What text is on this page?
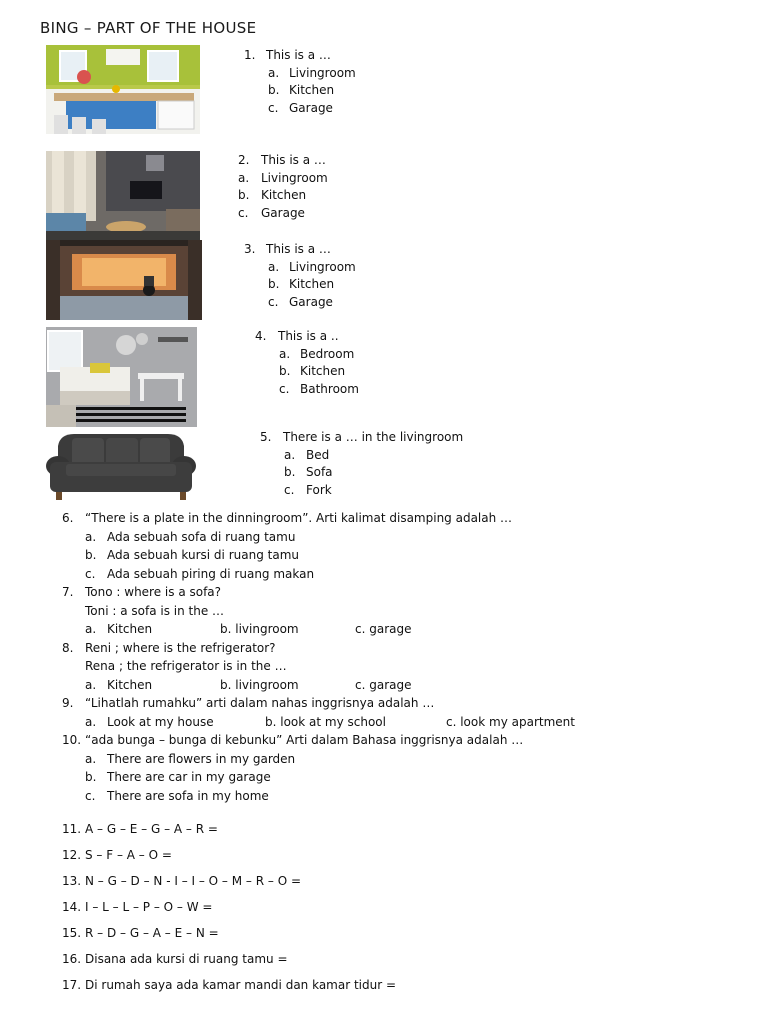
BING – PART OF THE HOUSE
1. This is a …
a. Livingroom
b. Kitchen
c. Garage
2. This is a …
a. Livingroom
b. Kitchen
c. Garage
3. This is a …
a. Livingroom
b. Kitchen
c. Garage
4. This is a ..
a. Bedroom
b. Kitchen
c. Bathroom
5. There is a … in the livingroom
a. Bed
b. Sofa
c. Fork
6. “There is a plate in the dinningroom”. Arti kalimat disamping adalah …
a. Ada sebuah sofa di ruang tamu
b. Ada sebuah kursi di ruang tamu
c. Ada sebuah piring di ruang makan
7. Tono : where is a sofa?
Toni : a sofa is in the …
a. Kitchen	b. livingroom	c. garage
8. Reni ; where is the refrigerator?
Rena ; the refrigerator is in the …
a. Kitchen	b. livingroom	c. garage
9. “Lihatlah rumahku” arti dalam nahas inggrisnya adalah …
a. Look at my house	b. look at my school	c. look my apartment
10. “ada bunga – bunga di kebunku” Arti dalam Bahasa inggrisnya adalah …
a. There are flowers in my garden
b. There are car in my garage
c. There are sofa in my home
11. A – G – E – G – A – R =
12. S – F – A – O =
13. N – G – D – N - I – I – O – M – R – O =
14. I – L – L – P – O – W =
15. R – D – G – A – E – N =
16. Disana ada kursi di ruang tamu =
17. Di rumah saya ada kamar mandi dan kamar tidur =
